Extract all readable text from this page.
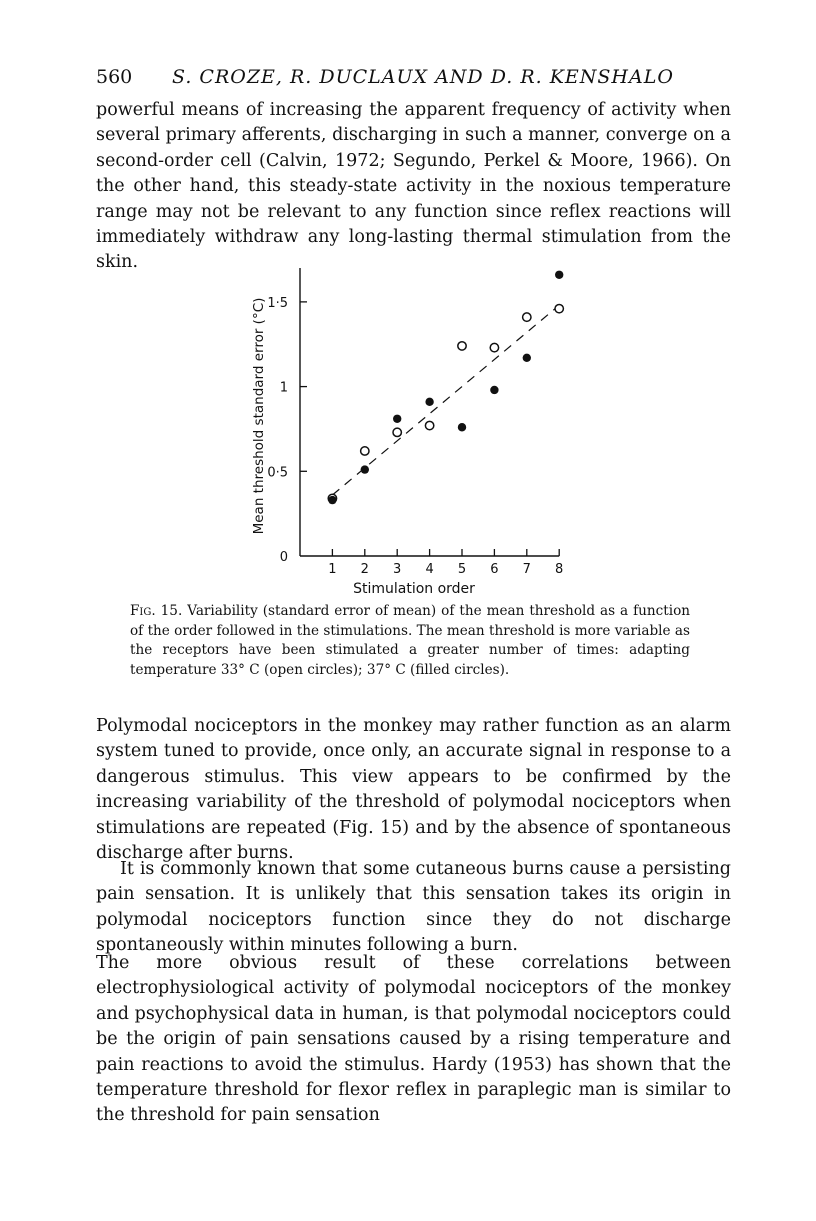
560 S. CROZE, R. DUCLAUX AND D. R. KENSHALO

powerful means of increasing the apparent frequency of activity when several primary afferents, discharging in such a manner, converge on a second-order cell (Calvin, 1972; Segundo, Perkel & Moore, 1966). On the other hand, this steady-state activity in the noxious temperature range may not be relevant to any function since reflex reactions will immediately withdraw any long-lasting thermal stimulation from the skin.

0
0·5
1
1·5
1 2 3 4 5 6 7 8
Stimulation order
Mean threshold standard error (°C)

Fig. 15. Variability (standard error of mean) of the mean threshold as a function of the order followed in the stimulations. The mean threshold is more variable as the receptors have been stimulated a greater number of times: adapting temperature 33° C (open circles); 37° C (filled circles).

Polymodal nociceptors in the monkey may rather function as an alarm system tuned to provide, once only, an accurate signal in response to a dangerous stimulus. This view appears to be confirmed by the increasing variability of the threshold of polymodal nociceptors when stimulations are repeated (Fig. 15) and by the absence of spontaneous discharge after burns.

It is commonly known that some cutaneous burns cause a persisting pain sensation. It is unlikely that this sensation takes its origin in polymodal nociceptors function since they do not discharge spontaneously within minutes following a burn.

The more obvious result of these correlations between electrophysiological activity of polymodal nociceptors of the monkey and psychophysical data in human, is that polymodal nociceptors could be the origin of pain sensations caused by a rising temperature and pain reactions to avoid the stimulus. Hardy (1953) has shown that the temperature threshold for flexor reflex in paraplegic man is similar to the threshold for pain sensation
